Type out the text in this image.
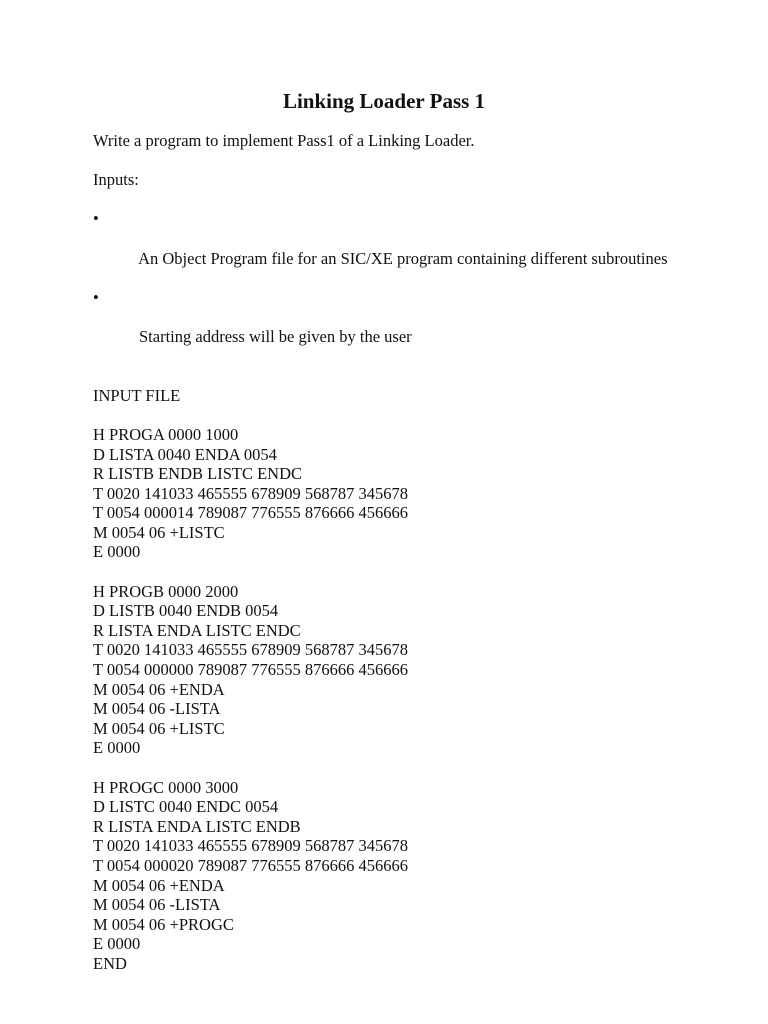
Linking Loader Pass 1

Write a program to implement Pass1 of a Linking Loader.

Inputs:

•

An Object Program file for an SIC/XE program containing different subroutines

•

Starting address will be given by the user

INPUT FILE

H PROGA 0000 1000
D LISTA 0040 ENDA 0054
R LISTB ENDB LISTC ENDC
T 0020 141033 465555 678909 568787 345678
T 0054 000014 789087 776555 876666 456666
M 0054 06 +LISTC
E 0000
H PROGB 0000 2000
D LISTB 0040 ENDB 0054
R LISTA ENDA LISTC ENDC
T 0020 141033 465555 678909 568787 345678
T 0054 000000 789087 776555 876666 456666
M 0054 06 +ENDA
M 0054 06 -LISTA
M 0054 06 +LISTC
E 0000
H PROGC 0000 3000
D LISTC 0040 ENDC 0054
R LISTA ENDA LISTC ENDB
T 0020 141033 465555 678909 568787 345678
T 0054 000020 789087 776555 876666 456666
M 0054 06 +ENDA
M 0054 06 -LISTA
M 0054 06 +PROGC
E 0000
END
